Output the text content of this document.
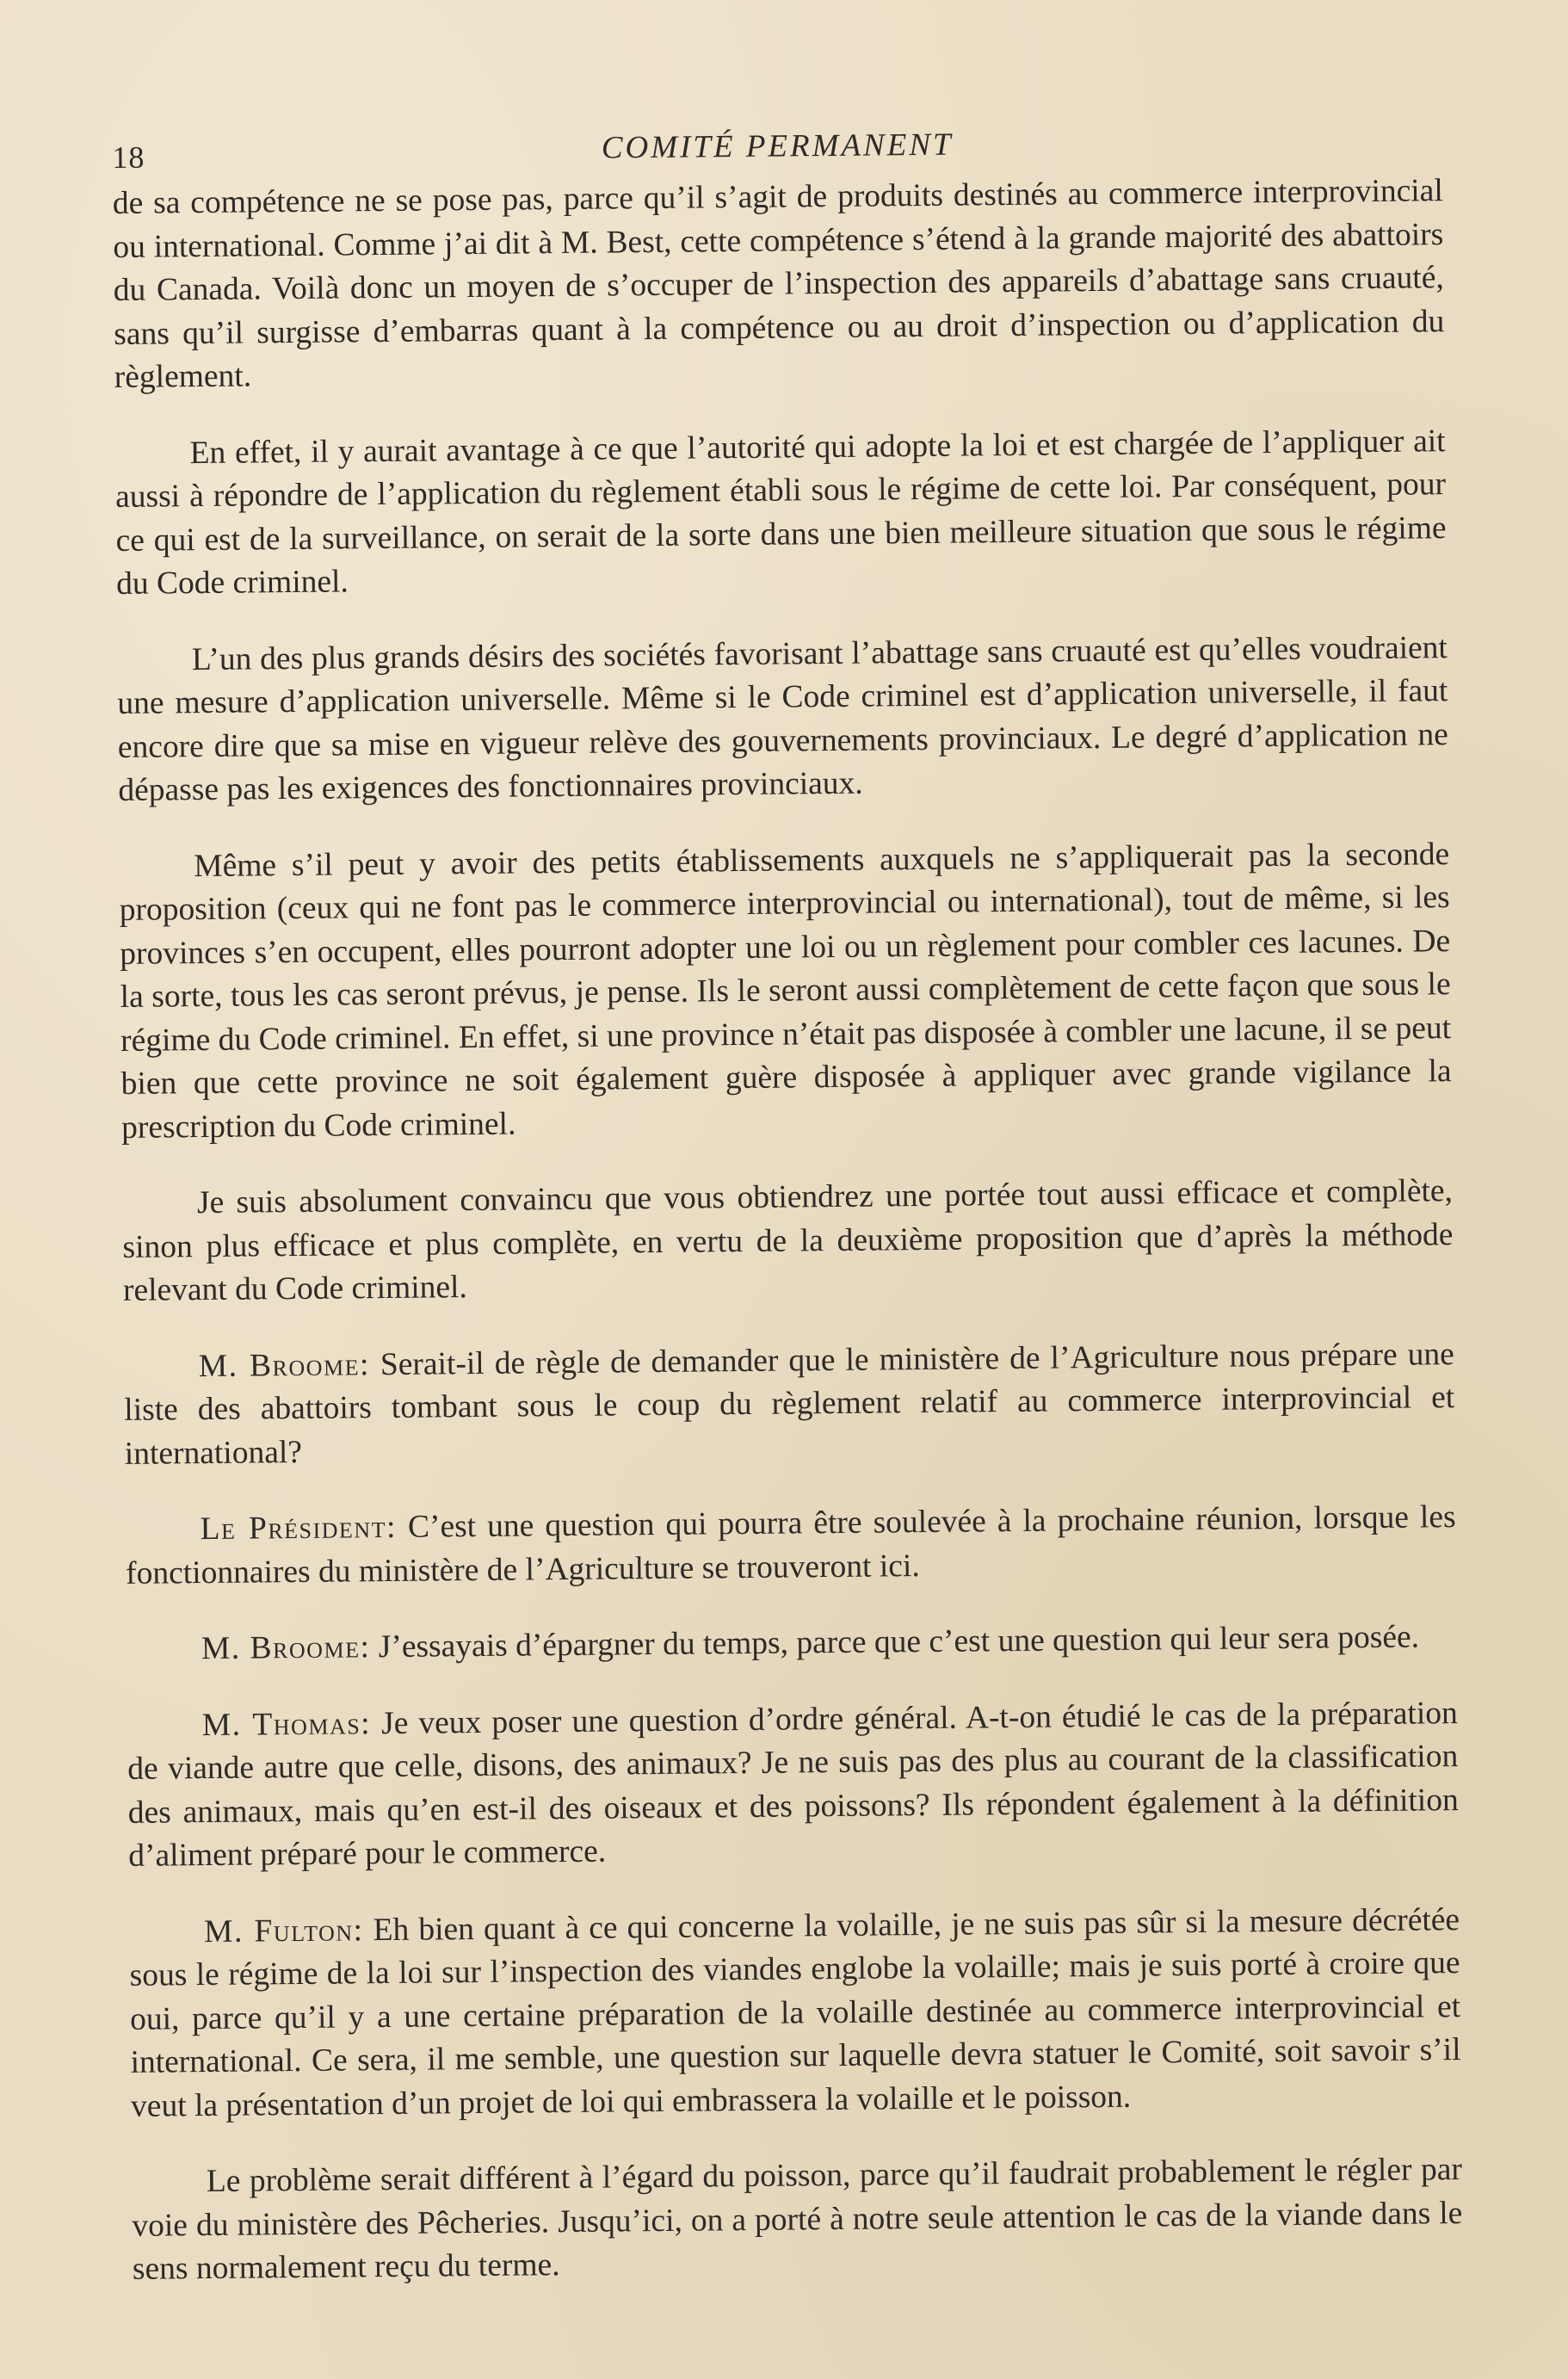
18	COMITÉ PERMANENT

de sa compétence ne se pose pas, parce qu’il s’agit de produits destinés au commerce interprovincial ou international. Comme j’ai dit à M. Best, cette compétence s’étend à la grande majorité des abattoirs du Canada. Voilà donc un moyen de s’occuper de l’inspection des appareils d’abattage sans cruauté, sans qu’il surgisse d’embarras quant à la compétence ou au droit d’inspection ou d’application du règlement.

En effet, il y aurait avantage à ce que l’autorité qui adopte la loi et est chargée de l’appliquer ait aussi à répondre de l’application du règlement établi sous le régime de cette loi. Par conséquent, pour ce qui est de la surveillance, on serait de la sorte dans une bien meilleure situation que sous le régime du Code criminel.

L’un des plus grands désirs des sociétés favorisant l’abattage sans cruauté est qu’elles voudraient une mesure d’application universelle. Même si le Code criminel est d’application universelle, il faut encore dire que sa mise en vigueur relève des gouvernements provinciaux. Le degré d’application ne dépasse pas les exigences des fonctionnaires provinciaux.

Même s’il peut y avoir des petits établissements auxquels ne s’appliquerait pas la seconde proposition (ceux qui ne font pas le commerce interprovincial ou international), tout de même, si les provinces s’en occupent, elles pourront adopter une loi ou un règlement pour combler ces lacunes. De la sorte, tous les cas seront prévus, je pense. Ils le seront aussi complètement de cette façon que sous le régime du Code criminel. En effet, si une province n’était pas disposée à combler une lacune, il se peut bien que cette province ne soit également guère disposée à appliquer avec grande vigilance la prescription du Code criminel.

Je suis absolument convaincu que vous obtiendrez une portée tout aussi efficace et complète, sinon plus efficace et plus complète, en vertu de la deuxième proposition que d’après la méthode relevant du Code criminel.

M. Broome: Serait-il de règle de demander que le ministère de l’Agriculture nous prépare une liste des abattoirs tombant sous le coup du règlement relatif au commerce interprovincial et international?

Le Président: C’est une question qui pourra être soulevée à la prochaine réunion, lorsque les fonctionnaires du ministère de l’Agriculture se trouveront ici.

M. Broome: J’essayais d’épargner du temps, parce que c’est une question qui leur sera posée.

M. Thomas: Je veux poser une question d’ordre général. A-t-on étudié le cas de la préparation de viande autre que celle, disons, des animaux? Je ne suis pas des plus au courant de la classification des animaux, mais qu’en est-il des oiseaux et des poissons? Ils répondent également à la définition d’aliment préparé pour le commerce.

M. Fulton: Eh bien quant à ce qui concerne la volaille, je ne suis pas sûr si la mesure décrétée sous le régime de la loi sur l’inspection des viandes englobe la volaille; mais je suis porté à croire que oui, parce qu’il y a une certaine préparation de la volaille destinée au commerce interprovincial et international. Ce sera, il me semble, une question sur laquelle devra statuer le Comité, soit savoir s’il veut la présentation d’un projet de loi qui embrassera la volaille et le poisson.

Le problème serait différent à l’égard du poisson, parce qu’il faudrait probablement le régler par voie du ministère des Pêcheries. Jusqu’ici, on a porté à notre seule attention le cas de la viande dans le sens normalement reçu du terme.
